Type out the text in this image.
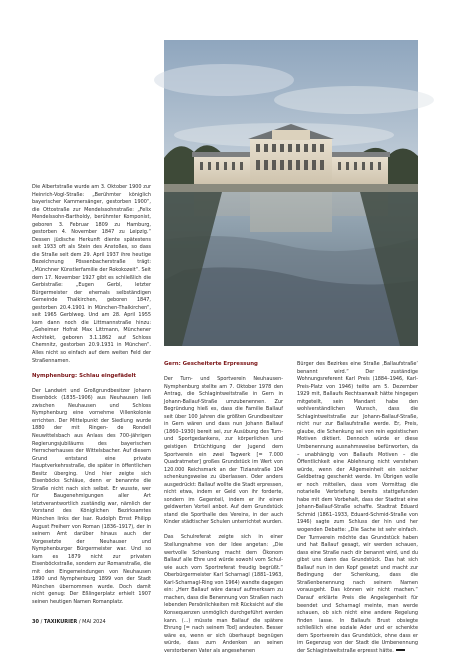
Die Albertstraße wurde am 3. Oktober 1900 zur Heinrich-Vogl-Straße: „Berühmter königlich bayerischer Kammersänger, gestorben 1900“, die Ottostraße zur Mendelssohnstraße: „Felix Mendelssohn-Bartholdy, berühmter Komponist, geboren 3. Februar 1809 zu Hamburg, gestorben 4. November 1847 zu Leipzig.“ Dessen jüdische Herkunft diente spätestens seit 1933 oft als Stein des Anstoßes, so dass die Straße seit dem 29. April 1937 ihre heutige Bezeichnung Pössenbacherstraße trägt: „Münchner Künstlerfamilie der Rokokozeit“. Seit dem 17. November 1927 gibt es schließlich die Gerbistraße: „Eugen Gerbl, letzter Bürgermeister der ehemals selbständigen Gemeinde Thalkirchen, geboren 1847, gestorben 20.4.1901 in München-Thalkirchen“, seit 1965 Gerblweg. Und am 28. April 1955 kam dann noch die Littmannstraße hinzu: „Geheimer Hofrat Max Littmann, Münchener Architekt, geboren 3.1.1862 auf Schloss Chemnitz, gestorben 20.9.1931 in München“. Alles nicht so einfach auf dem weiten Feld der Straßennamen.

Nymphenburg: Schlau eingefädelt

Der Landwirt und Großgrundbesitzer Johann Eisenböck (1835–1906) aus Neuhausen ließ zwischen Neuhausen und Schloss Nymphenburg eine vornehme Villenkolonie errichten. Der Mittelpunkt der Siedlung wurde 1880 der mit Ringen- de Rondell Neuwittelsbach aus Anlass des 700-jährigen Regierungsjubiläums des bayerischen Herrscherhauses der Wittelsbacher. Auf diesem Grund entstand eine private Hauptverkehrsstraße, die später in öffentlichen Besitz überging. Und hier zeigte sich Eisenböcks Schläue, denn er benannte die Straße nicht nach sich selbst. Er wusste, wer für Baugenehmigungen aller Art letztverantwortlich zuständig war, nämlich der Vorstand des Königlichen Bezirksamtes München links der Isar. Rudolph Ernst Philipp August Freiherr von Roman (1836–1917), der in seinem Amt darüber hinaus auch der Vorgesetzte der Neuhauser und Nymphenburger Bürgermeister war. Und so kam es 1879 nicht zur privaten Eisenböckstraße, sondern zur Romanstraße, die mit den Eingemeindungen von Neuhausen 1890 und Nymphenburg 1899 von der Stadt München übernommen wurde. Doch damit nicht genug: Der Eßlingerplatz erhielt 1907 seinen heutigen Namen Romanplatz.

Gern: Gescheiterte Erpressung

Der Turn- und Sportverein Neuhausen-Nymphenburg stellte am 7. Oktober 1978 den Antrag, die Schlagintweitstraße in Gern in Johann-Ballauf-Straße umzubenennen. Zur Begründung hieß es, dass die Familie Ballauf seit über 100 Jahren die größten Grundbesitzer in Gern wären und dass nun Johann Ballauf (1860–1930) bereit sei, zur Ausübung des Turn- und Sportgedankens, zur körperlichen und geistigen Ertüchtigung der Jugend dem Sportverein ein zwei Tagwerk [= 7.000 Quadratmeter] großes Grundstück im Wert von 120.000 Reichsmark an der Tizianstraße 104 schenkungsweise zu überlassen. Oder anders ausgedrückt: Ballauf wollte die Stadt erpressen, nicht etwa, indem er Geld von ihr forderte, sondern im Gegenteil, indem er ihr einen geldwerten Vorteil anbot. Auf dem Grundstück stand die Sporthalle des Vereins, in der auch Kinder städtischer Schulen unterrichtet wurden.

Das Schulreferat zeigte sich in einer Stellungnahme von der Idee angetan: „Die wertvolle Schenkung macht dem Ökonom Ballauf alle Ehre und würde sowohl vom Schul- wie auch vom Sportreferat freudig begrüßt.“ Oberbürgermeister Karl Scharnagl (1881–1963, Karl-Scharnagl-Ring von 1964) wandte dagegen ein: „Herr Ballauf wäre darauf aufmerksam zu machen, dass die Benennung von Straßen nach lebenden Persönlichkeiten mit Rücksicht auf die Konsequenzen unmöglich durchgeführt werden kann. (...) müsste man Ballauf die spätere Ehrung [= nach seinem Tod] andeuten. Besser wäre es, wenn er sich überhaupt begnügen würde, dass zum Andenken an seinen verstorbenen Vater als angesehenen

Bürger des Bezirkes eine Straße ‚Ballaufstraße‘ benannt wird.“ Der zuständige Wohnungsreferent Karl Preis (1884–1946, Karl-Preis-Platz von 1946) teilte am 5. Dezember 1929 mit, Ballaufs Rechtsanwalt hätte hingegen mitgeteilt, sein Mandant habe den wohlverständlichen Wunsch, dass die Schlagintweitstraße zur Johann-Ballauf-Straße, nicht nur zur Ballaufstraße werde. Er, Preis, glaube, die Schenkung sei von rein egoistischen Motiven diktiert. Dennoch würde er diese Umbenennung ausnahmsweise befürworten, da – unabhängig von Ballaufs Motiven – die Öffentlichkeit eine Ablehnung nicht verstehen würde, wenn der Allgemeinheit ein solcher Geldbetrag geschenkt werde. Im Übrigen wolle er noch mitteilen, dass vom Vormittag die notarielle Verbriefung bereits stattgefunden habe mit dem Vorbehalt, dass der Stadtrat eine Johann-Ballauf-Straße schaffe. Stadtrat Eduard Schmid (1861–1933, Eduard-Schmid-Straße von 1946) sagte zum Schluss der hin und her wogenden Debatte: „Die Sache ist sehr einfach. Der Turnverein möchte das Grundstück haben und hat Ballauf gesagt, wir werden schauen, dass eine Straße nach dir benannt wird, und du gibst uns dann das Grundstück. Das hat sich Ballauf nun in den Kopf gesetzt und macht zur Bedingung der Schenkung, dass die Straßenbenennung nach seinem Namen vorausgeht. Das können wir nicht machen.“ Darauf erklärte Preis die Angelegenheit für beendet und Scharnagl meinte, man werde schauen, ob sich nicht eine andere Regelung finden lasse. In Ballaufs Brust obsiegte schließlich eine soziale Ader und er schenkte dem Sportverein das Grundstück, ohne dass er im Gegenzug von der Stadt die Umbenennung der Schlagintweitstraße erpresst hätte.

30 / TAXIKURIER / MAI 2024
